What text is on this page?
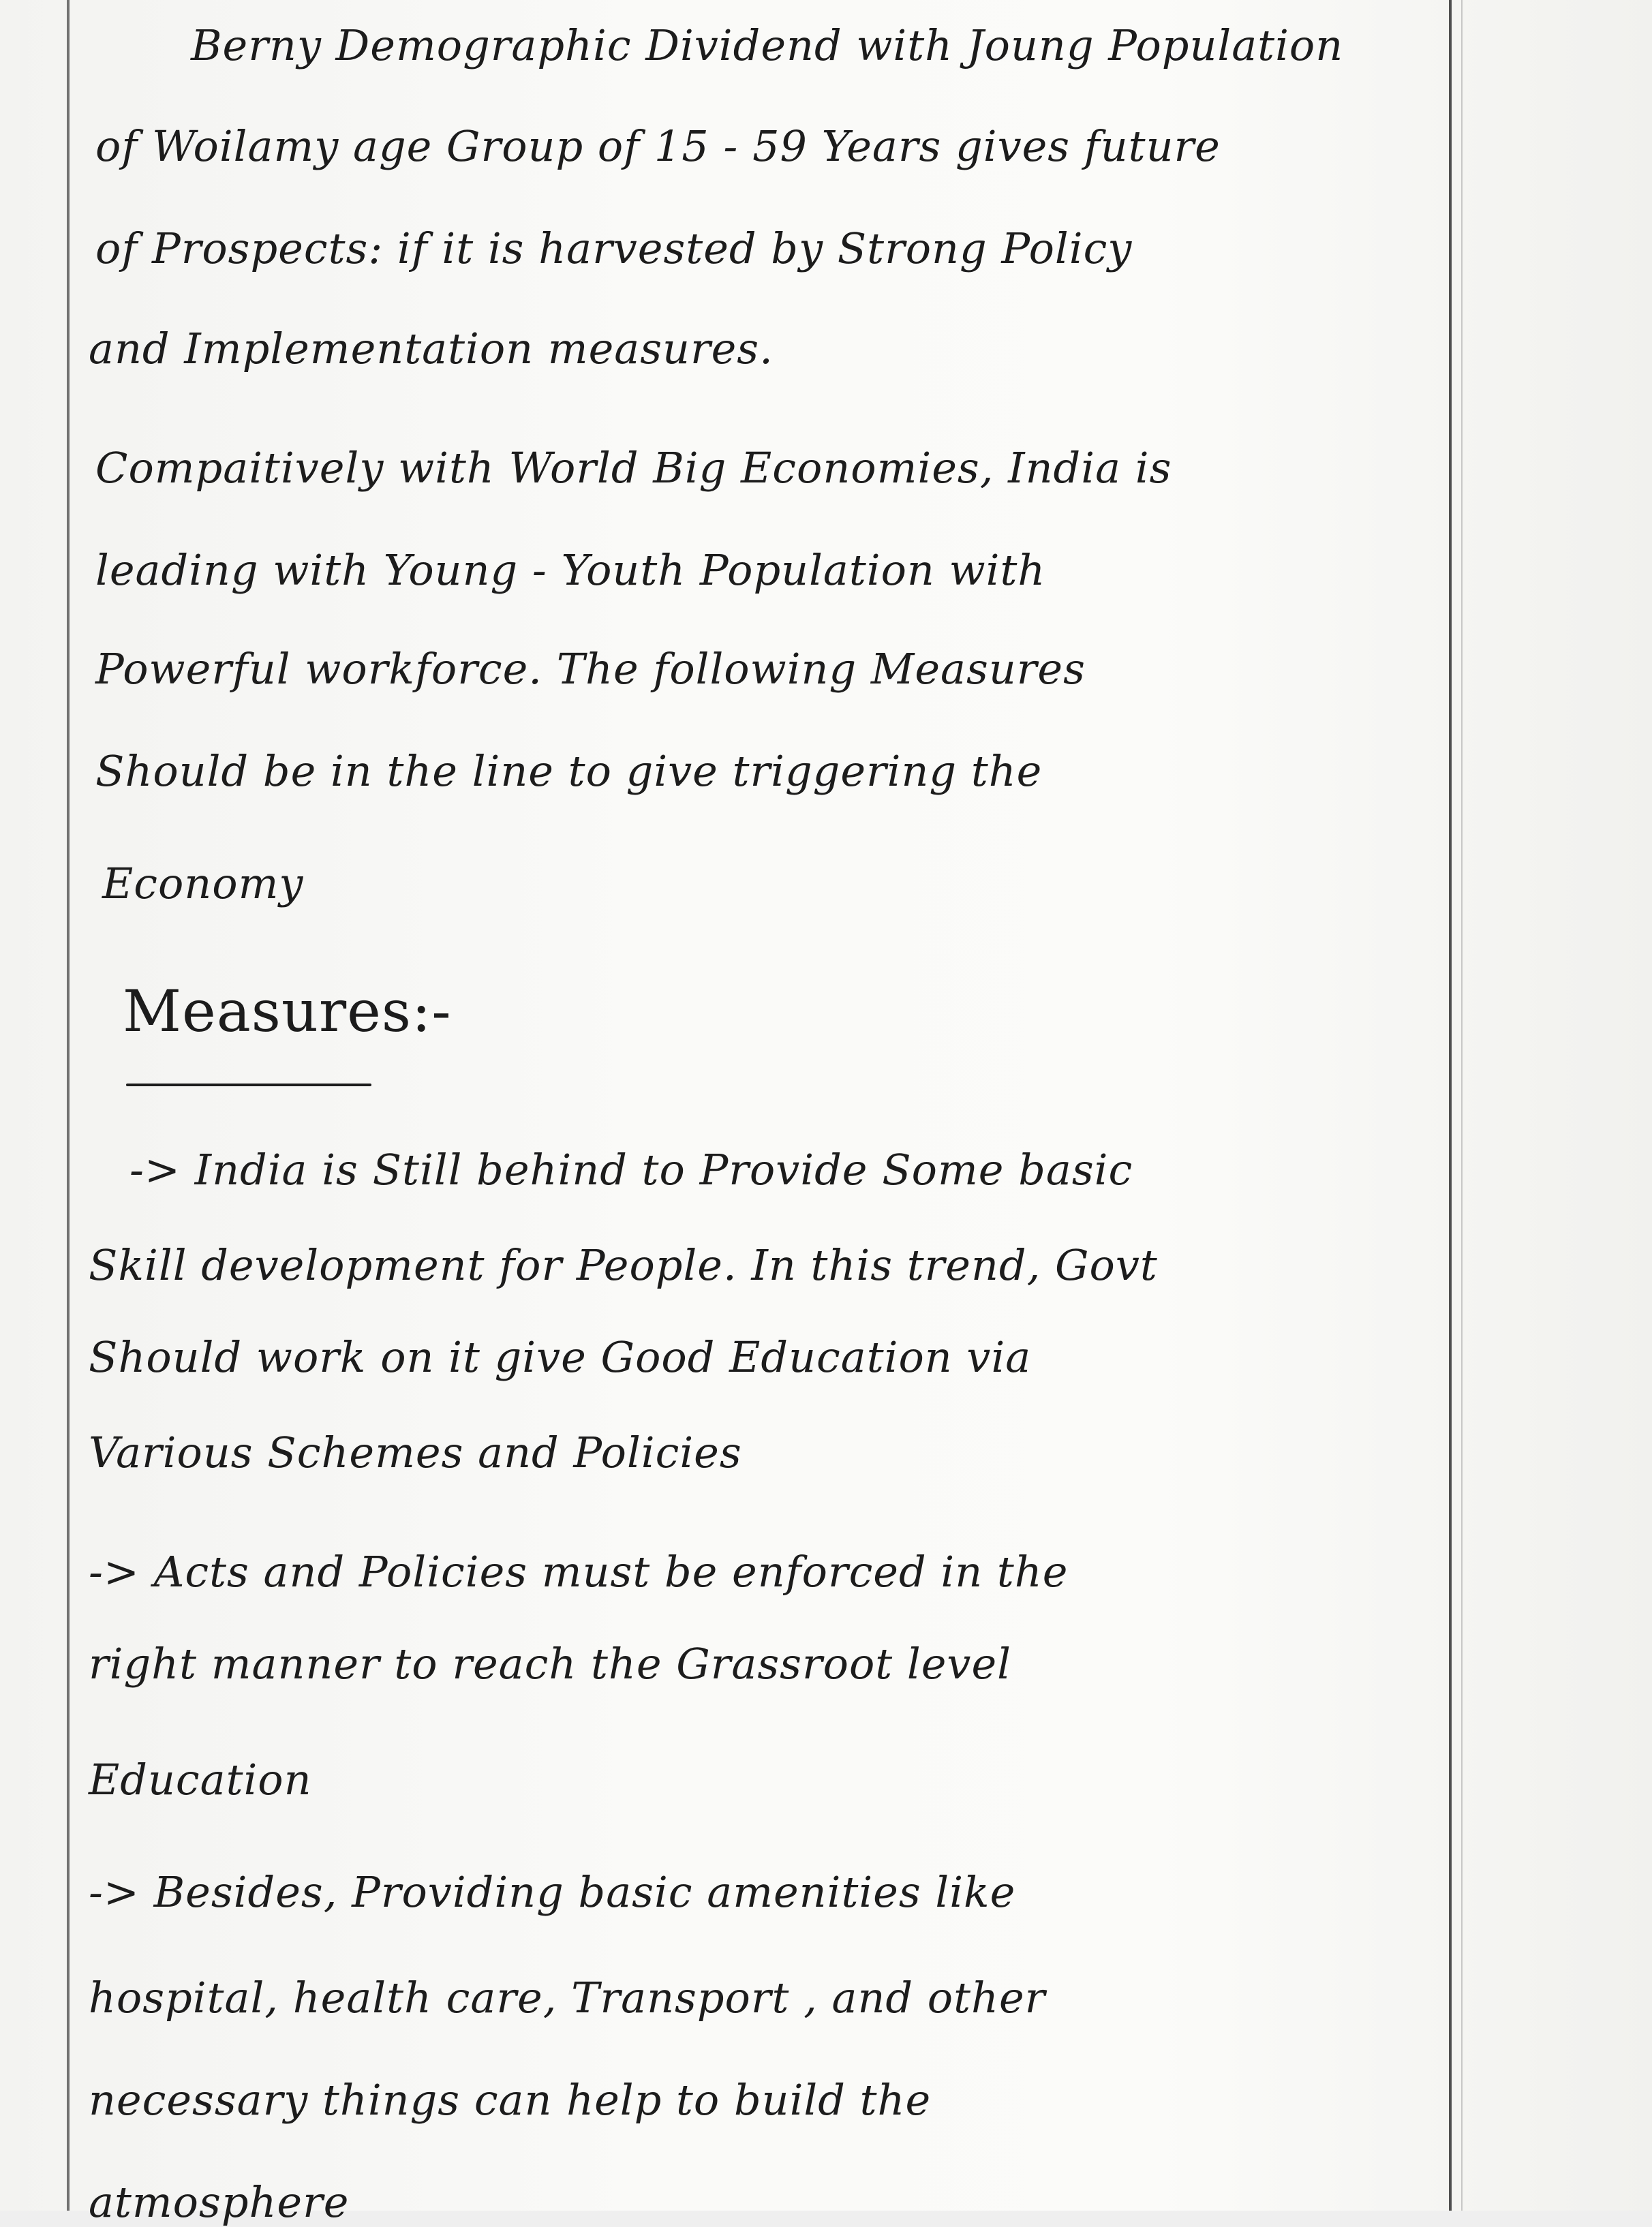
Berny Demographic Dividend with Joung Population
of Woilamy age Group of 15 - 59 Years gives future
of Prospects: if it is harvested by Strong Policy
and Implementation measures.
Compaitively with World Big Economies, India is
leading with Young - Youth Population with
Powerful workforce. The following Measures
Should be in the line to give triggering the
Economy
Measures:-
-> India is Still behind to Provide Some basic
Skill development for People. In this trend, Govt
Should work on it give Good Education via
Various Schemes and Policies
-> Acts and Policies must be enforced in the
right manner to reach the Grassroot level
Education
-> Besides, Providing basic amenities like
hospital, health care, Transport , and other
necessary things can help to build the
atmosphere
